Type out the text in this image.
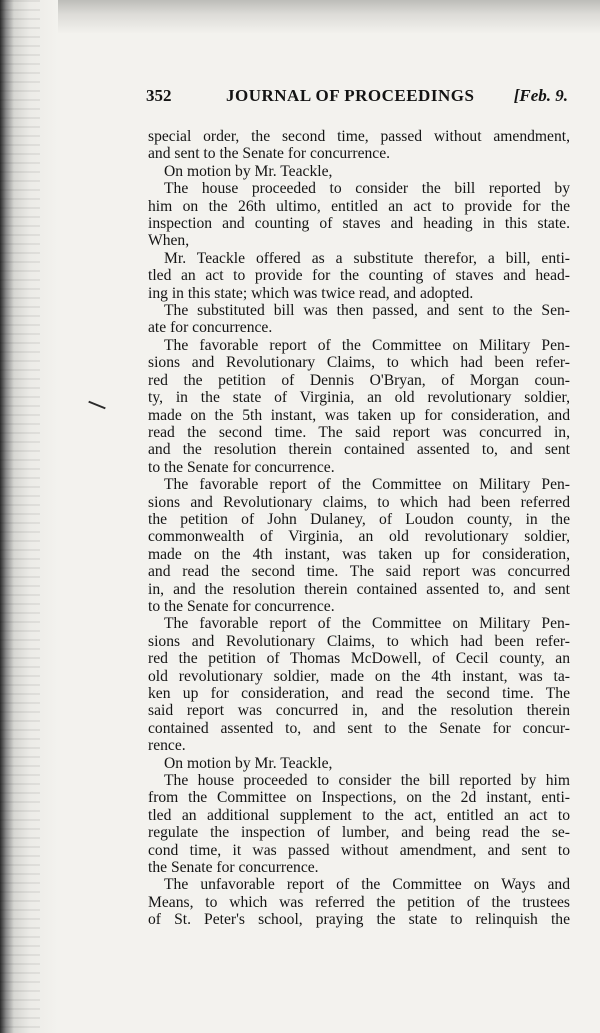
352	JOURNAL OF PROCEEDINGS [Feb. 9.
special order, the second time, passed without amendment,
and sent to the Senate for concurrence.
On motion by Mr. Teackle,
The house proceeded to consider the bill reported by
him on the 26th ultimo, entitled an act to provide for the
inspection and counting of staves and heading in this state.
When,
Mr. Teackle offered as a substitute therefor, a bill, enti-
tled an act to provide for the counting of staves and head-
ing in this state; which was twice read, and adopted.
The substituted bill was then passed, and sent to the Sen-
ate for concurrence.
The favorable report of the Committee on Military Pen-
sions and Revolutionary Claims, to which had been refer-
red the petition of Dennis O'Bryan, of Morgan coun-
ty, in the state of Virginia, an old revolutionary soldier,
made on the 5th instant, was taken up for consideration, and
read the second time. The said report was concurred in,
and the resolution therein contained assented to, and sent
to the Senate for concurrence.
The favorable report of the Committee on Military Pen-
sions and Revolutionary claims, to which had been referred
the petition of John Dulaney, of Loudon county, in the
commonwealth of Virginia, an old revolutionary soldier,
made on the 4th instant, was taken up for consideration,
and read the second time. The said report was concurred
in, and the resolution therein contained assented to, and sent
to the Senate for concurrence.
The favorable report of the Committee on Military Pen-
sions and Revolutionary Claims, to which had been refer-
red the petition of Thomas McDowell, of Cecil county, an
old revolutionary soldier, made on the 4th instant, was ta-
ken up for consideration, and read the second time. The
said report was concurred in, and the resolution therein
contained assented to, and sent to the Senate for concur-
rence.
On motion by Mr. Teackle,
The house proceeded to consider the bill reported by him
from the Committee on Inspections, on the 2d instant, enti-
tled an additional supplement to the act, entitled an act to
regulate the inspection of lumber, and being read the se-
cond time, it was passed without amendment, and sent to
the Senate for concurrence.
The unfavorable report of the Committee on Ways and
Means, to which was referred the petition of the trustees
of St. Peter's school, praying the state to relinquish the
